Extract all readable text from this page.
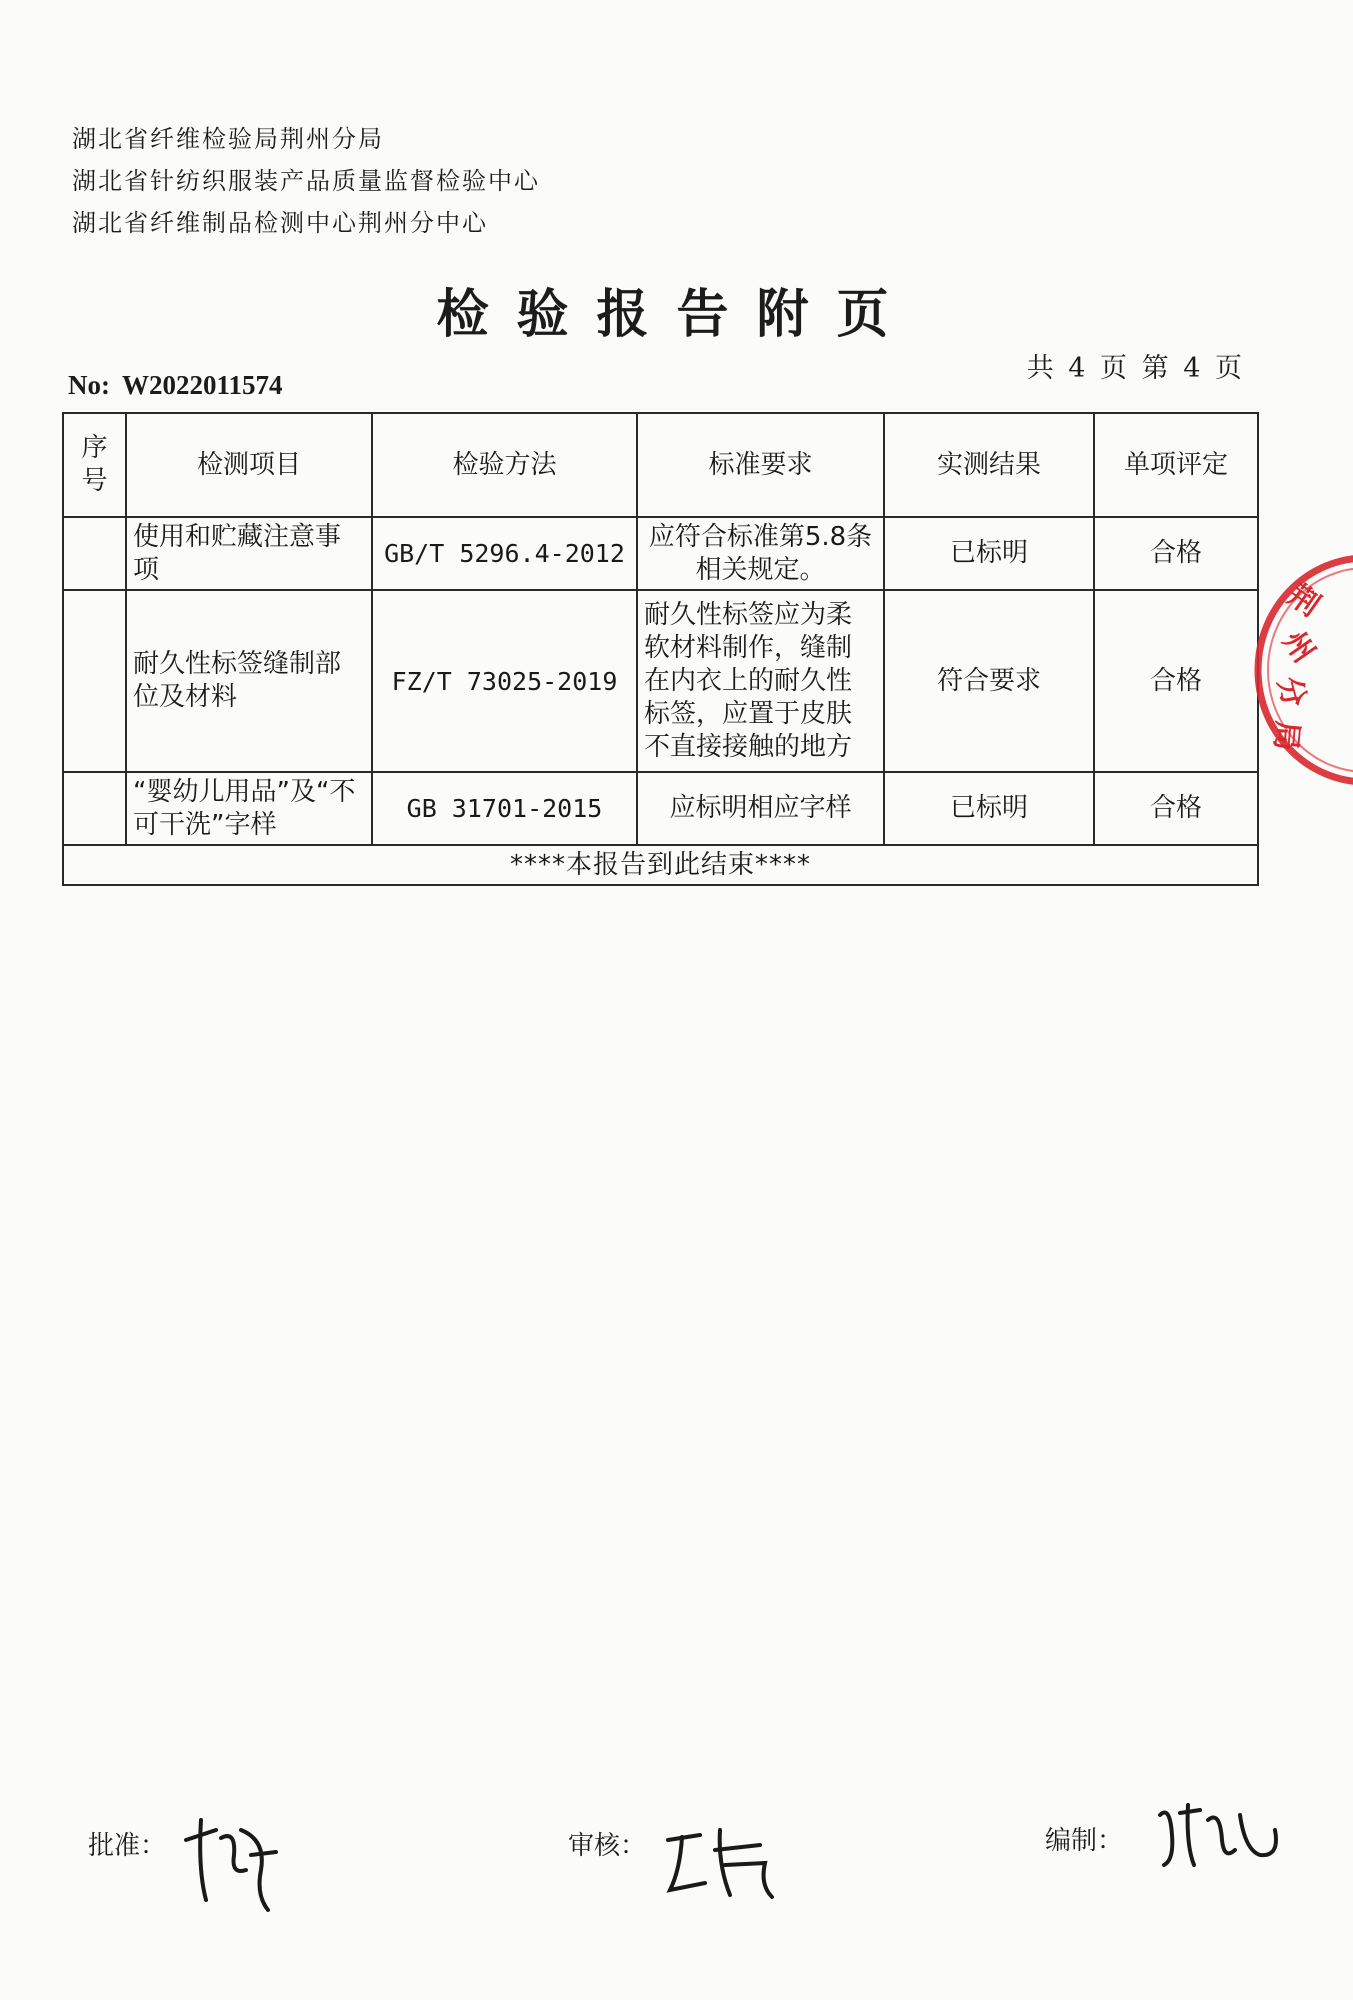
湖北省纤维检验局荆州分局
湖北省针纺织服装产品质量监督检验中心
湖北省纤维制品检测中心荆州分中心
检验报告附页
共 4 页 第 4 页
No: W2022011574
序号	检测项目	检验方法	标准要求	实测结果	单项评定
	使用和贮藏注意事项	GB/T 5296.4-2012	应符合标准第5.8条相关规定。	已标明	合格
	耐久性标签缝制部位及材料	FZ/T 73025-2019	耐久性标签应为柔软材料制作，缝制在内衣上的耐久性标签，应置于皮肤不直接接触的地方	符合要求	合格
	“婴幼儿用品”及“不可干洗”字样	GB 31701-2015	应标明相应字样	已标明	合格
****本报告到此结束****					
荆
州
分
局
批准：	审核：	编制：
